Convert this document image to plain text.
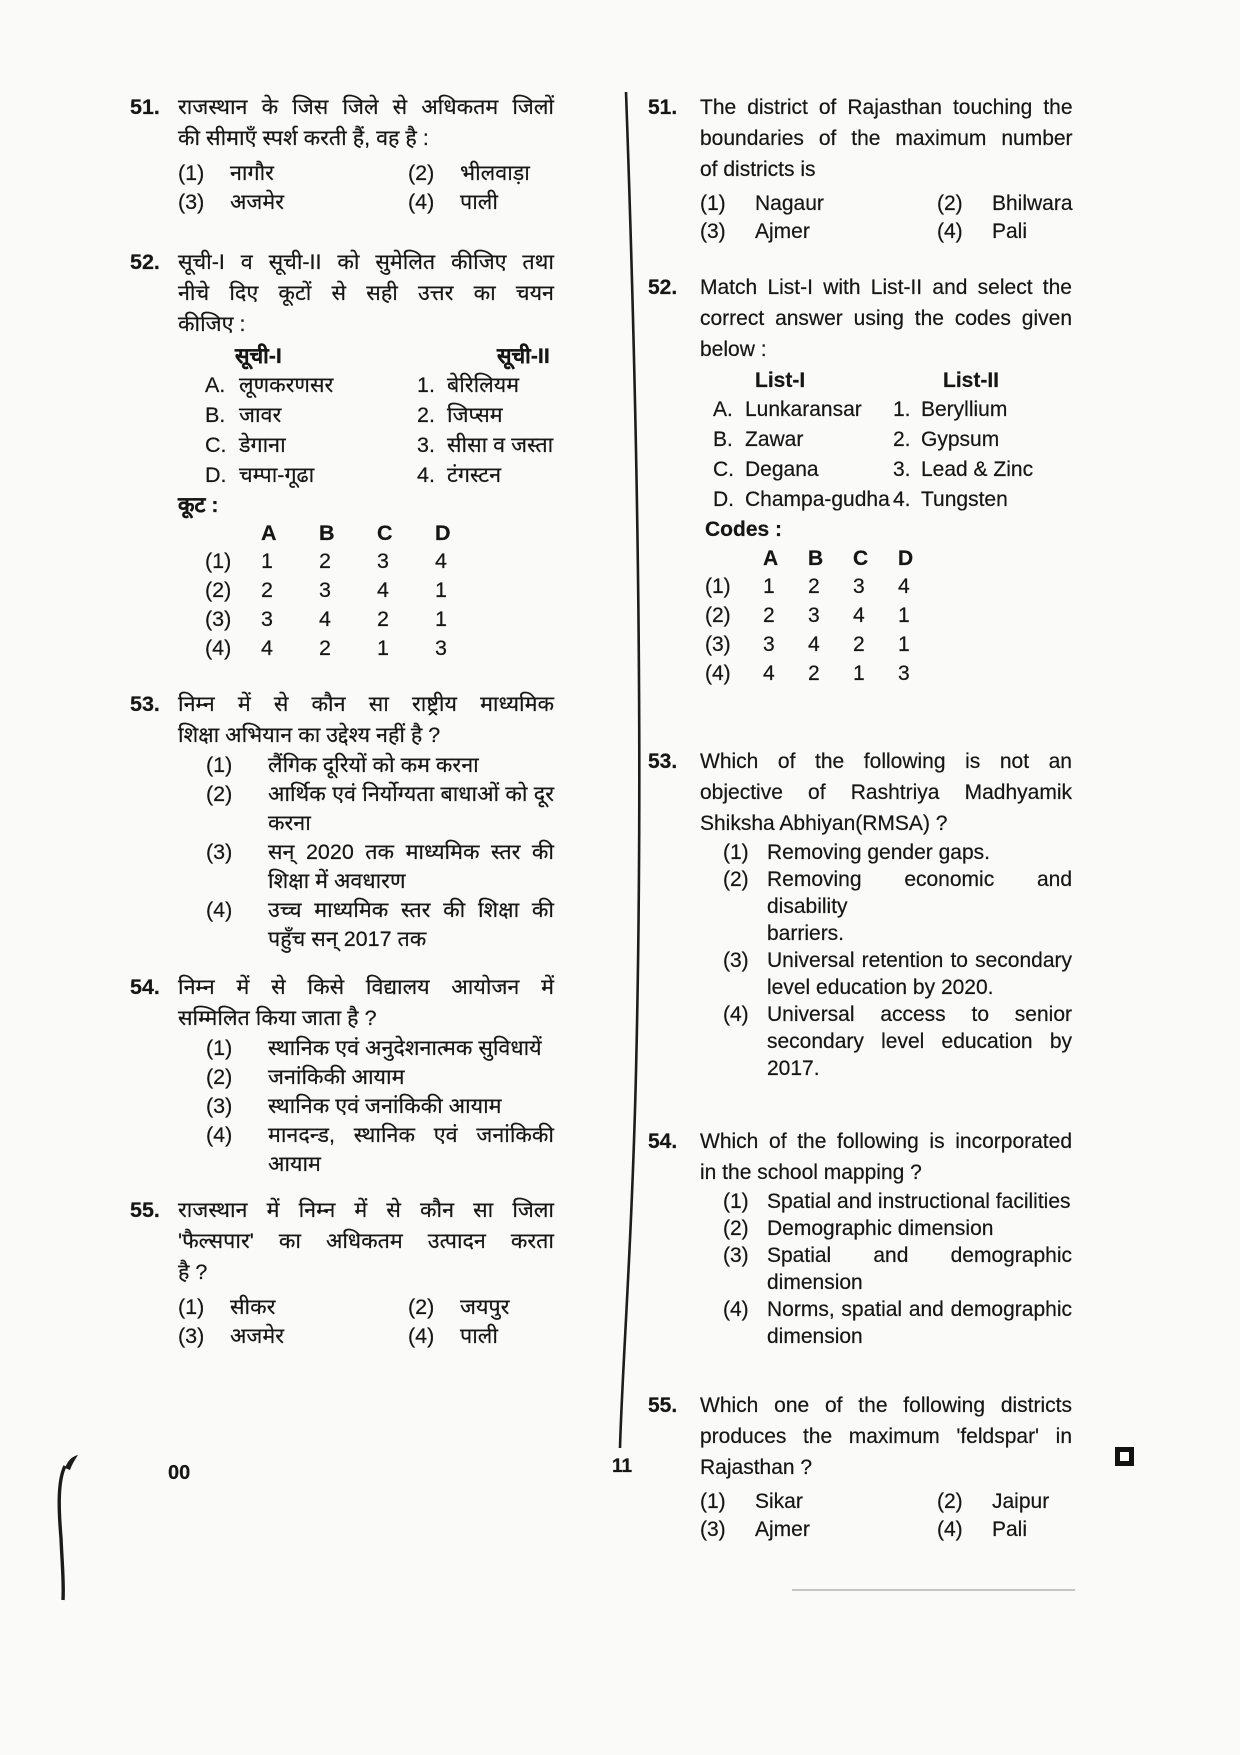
51. राजस्थान के जिस जिले से अधिकतम जिलों
की सीमाएँ स्पर्श करती हैं, वह है :
(1)	नागौर	(2)	भीलवाड़ा
(3)	अजमेर	(4)	पाली
52. सूची-I व सूची-II को सुमेलित कीजिए तथा
नीचे दिए कूटों से सही उत्तर का चयन
कीजिए :
सूची-I	सूची-II
A. लूणकरणसर	1. बेरिलियम
B. जावर	2. जिप्सम
C. डेगाना	3. सीसा व जस्ता
D. चम्पा-गूढा	4. टंगस्टन
कूट :
A	B	C	D
(1)	1	2	3	4
(2)	2	3	4	1
(3)	3	4	2	1
(4)	4	2	1	3
53. निम्न में से कौन सा राष्ट्रीय माध्यमिक
शिक्षा अभियान का उद्देश्य नहीं है ?
(1)	लैंगिक दूरियों को कम करना
(2)	आर्थिक एवं निर्योग्यता बाधाओं को दूर
करना
(3)	सन् 2020 तक माध्यमिक स्तर की
शिक्षा में अवधारण
(4)	उच्च माध्यमिक स्तर की शिक्षा की
पहुँच सन् 2017 तक
54. निम्न में से किसे विद्यालय आयोजन में
सम्मिलित किया जाता है ?
(1)	स्थानिक एवं अनुदेशनात्मक सुविधायें
(2)	जनांकिकी आयाम
(3)	स्थानिक एवं जनांकिकी आयाम
(4)	मानदन्ड, स्थानिक एवं जनांकिकी
आयाम
55. राजस्थान में निम्न में से कौन सा जिला
'फैल्सपार' का अधिकतम उत्पादन करता
है ?
(1)	सीकर	(2)	जयपुर
(3)	अजमेर	(4)	पाली
51.	The district of Rajasthan touching the
boundaries of the maximum number
of districts is
(1)	Nagaur	(2)	Bhilwara
(3)	Ajmer	(4)	Pali
52.	Match List-I with List-II and select the
correct answer using the codes given
below :
List-I	List-II
A. Lunkaransar	1. Beryllium
B. Zawar	2. Gypsum
C. Degana	3. Lead & Zinc
D. Champa-gudha 4. Tungsten
Codes :
A	B	C	D
(1)	1	2	3	4
(2)	2	3	4	1
(3)	3	4	2	1
(4)	4	2	1	3
53.	Which of the following is not an
objective of Rashtriya Madhyamik
Shiksha Abhiyan(RMSA) ?
(1) Removing gender gaps.
(2) Removing economic and disability
barriers.
(3) Universal retention to secondary
level education by 2020.
(4) Universal access to senior
secondary level education by
2017.
54.	Which of the following is incorporated
in the school mapping ?
(1) Spatial and instructional facilities
(2) Demographic dimension
(3) Spatial and demographic
dimension
(4) Norms, spatial and demographic
dimension
55.	Which one of the following districts
produces the maximum 'feldspar' in
Rajasthan ?
(1)	Sikar	(2)	Jaipur
(3)	Ajmer	(4)	Pali
00	11
